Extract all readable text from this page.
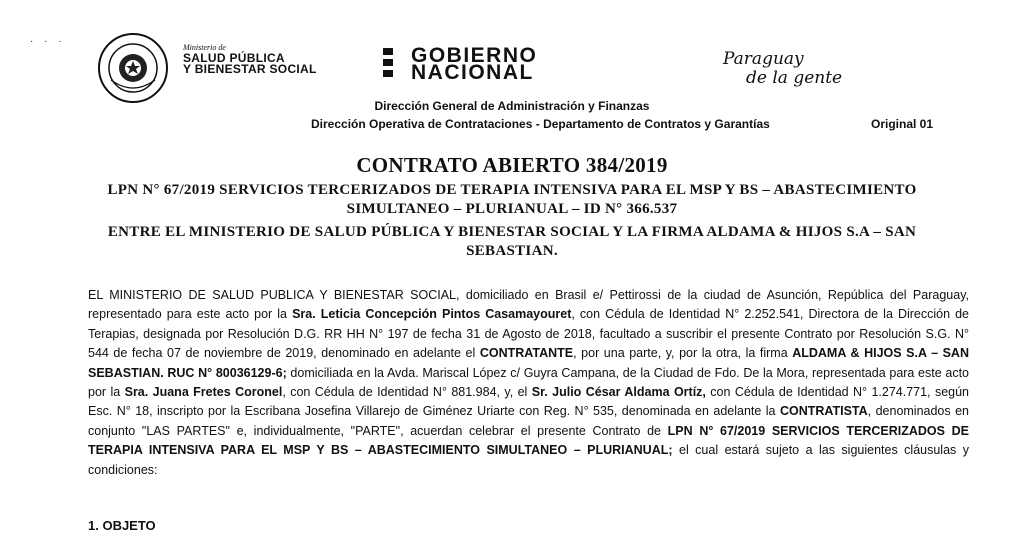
· · ·
Ministerio de
SALUD PÚBLICA
Y BIENESTAR SOCIAL
GOBIERNO
NACIONAL
Paraguay
de la gente
Dirección General de Administración y Finanzas
Dirección Operativa de Contrataciones - Departamento de Contratos y Garantías	Original 01
CONTRATO ABIERTO 384/2019
LPN N° 67/2019 SERVICIOS TERCERIZADOS DE TERAPIA INTENSIVA PARA EL MSP Y BS – ABASTECIMIENTO SIMULTANEO – PLURIANUAL – ID N° 366.537
ENTRE EL MINISTERIO DE SALUD PÚBLICA Y BIENESTAR SOCIAL Y LA FIRMA ALDAMA & HIJOS S.A – SAN SEBASTIAN.
EL MINISTERIO DE SALUD PUBLICA Y BIENESTAR SOCIAL, domiciliado en Brasil e/ Pettirossi de la ciudad de Asunción, República del Paraguay, representado para este acto por la Sra. Leticia Concepción Pintos Casamayouret, con Cédula de Identidad N° 2.252.541, Directora de la Dirección de Terapias, designada por Resolución D.G. RR HH N° 197 de fecha 31 de Agosto de 2018, facultado a suscribir el presente Contrato por Resolución S.G. N° 544 de fecha 07 de noviembre de 2019, denominado en adelante el CONTRATANTE, por una parte, y, por la otra, la firma ALDAMA & HIJOS S.A – SAN SEBASTIAN. RUC N° 80036129-6; domiciliada en la Avda. Mariscal López c/ Guyra Campana, de la Ciudad de Fdo. De la Mora, representada para este acto por la Sra. Juana Fretes Coronel, con Cédula de Identidad N° 881.984, y, el Sr. Julio César Aldama Ortíz, con Cédula de Identidad N° 1.274.771, según Esc. N° 18, inscripto por la Escribana Josefina Villarejo de Giménez Uriarte con Reg. N° 535, denominada en adelante la CONTRATISTA, denominados en conjunto "LAS PARTES" e, individualmente, "PARTE", acuerdan celebrar el presente Contrato de LPN N° 67/2019 SERVICIOS TERCERIZADOS DE TERAPIA INTENSIVA PARA EL MSP Y BS – ABASTECIMIENTO SIMULTANEO – PLURIANUAL; el cual estará sujeto a las siguientes cláusulas y condiciones:
1. OBJETO
